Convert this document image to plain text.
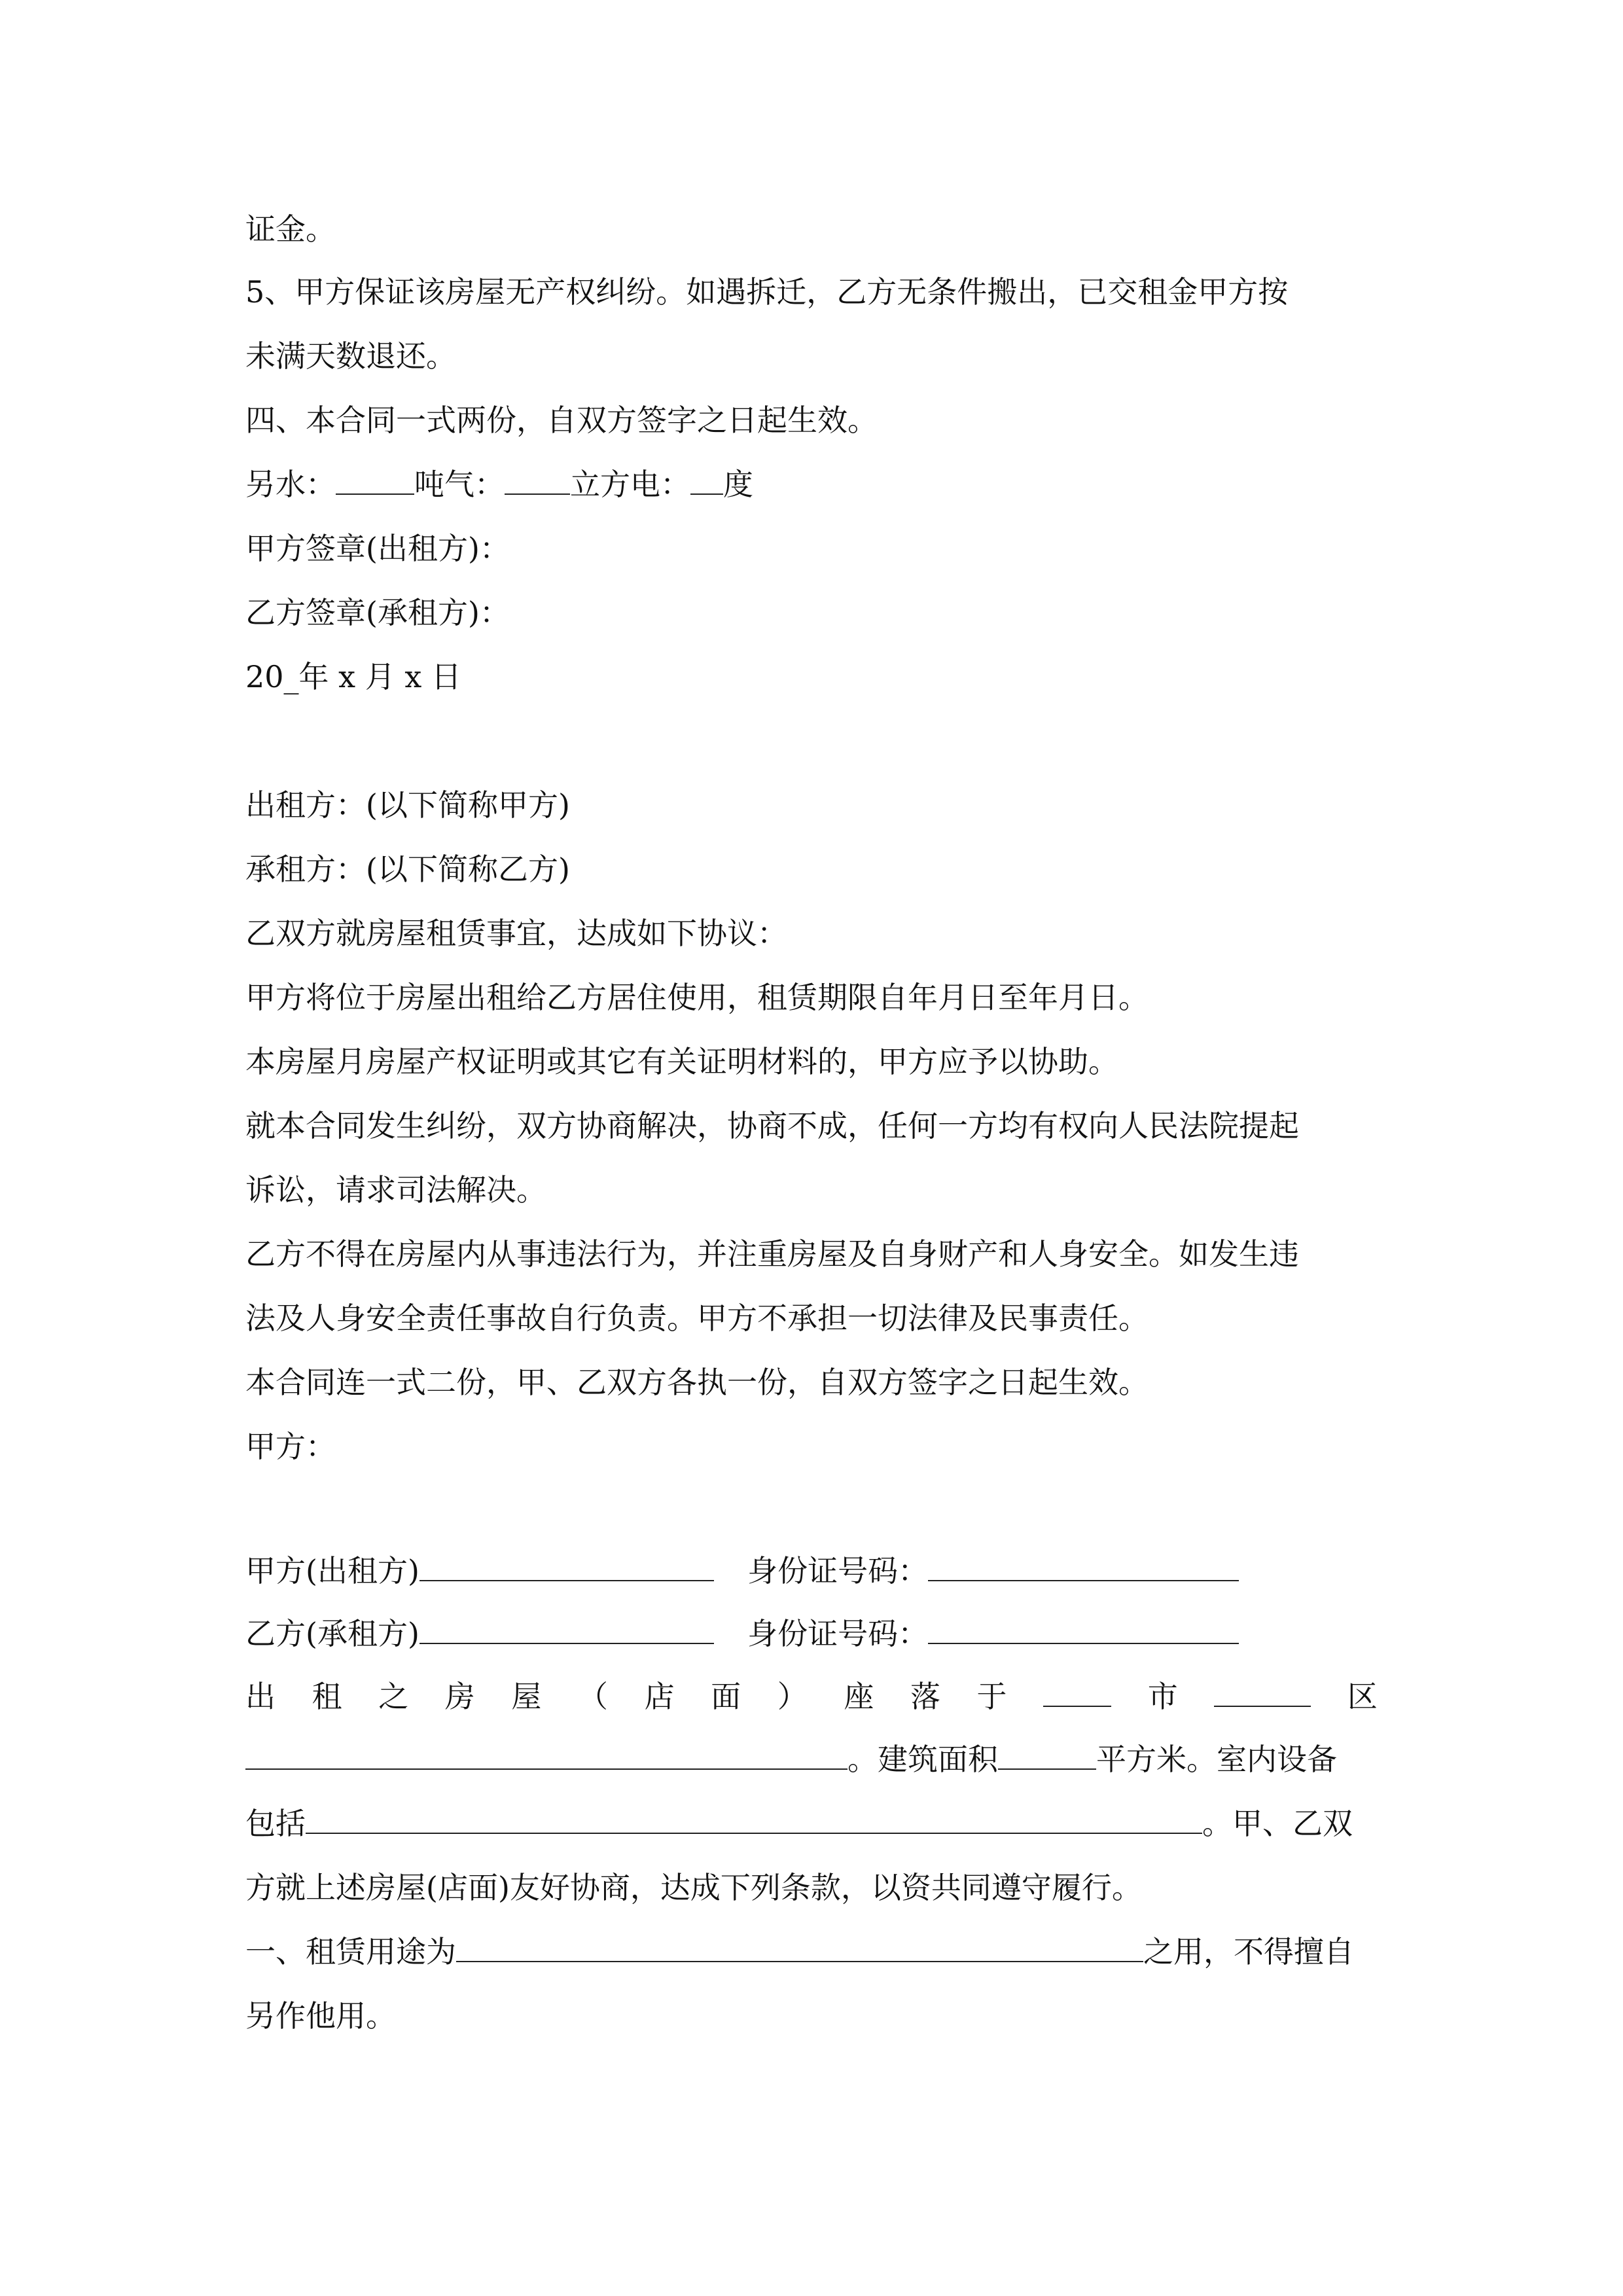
证金。
5、甲方保证该房屋无产权纠纷。如遇拆迁，乙方无条件搬出，已交租金甲方按
未满天数退还。
四、本合同一式两份，自双方签字之日起生效。
另水：	吨气： 立方电： 度
甲方签章(出租方)：
乙方签章(承租方)：
20_年 x 月 x 日
出租方：(以下简称甲方)
承租方：(以下简称乙方)
乙双方就房屋租赁事宜，达成如下协议：
甲方将位于房屋出租给乙方居住使用，租赁期限自年月日至年月日。
本房屋月房屋产权证明或其它有关证明材料的，甲方应予以协助。
就本合同发生纠纷，双方协商解决，协商不成，任何一方均有权向人民法院提起
诉讼，请求司法解决。
乙方不得在房屋内从事违法行为，并注重房屋及自身财产和人身安全。如发生违
法及人身安全责任事故自行负责。甲方不承担一切法律及民事责任。
本合同连一式二份，甲、乙双方各执一份，自双方签字之日起生效。
甲方：
甲方(出租方)	身份证号码：
乙方(承租方)	身份证号码：
出 租 之 房 屋 （ 店 面 ） 座 落 于	市	区
。建筑面积	平方米。室内设备
包括	。甲、乙双
方就上述房屋(店面)友好协商，达成下列条款，以资共同遵守履行。
一、租赁用途为	之用，不得擅自
另作他用。
